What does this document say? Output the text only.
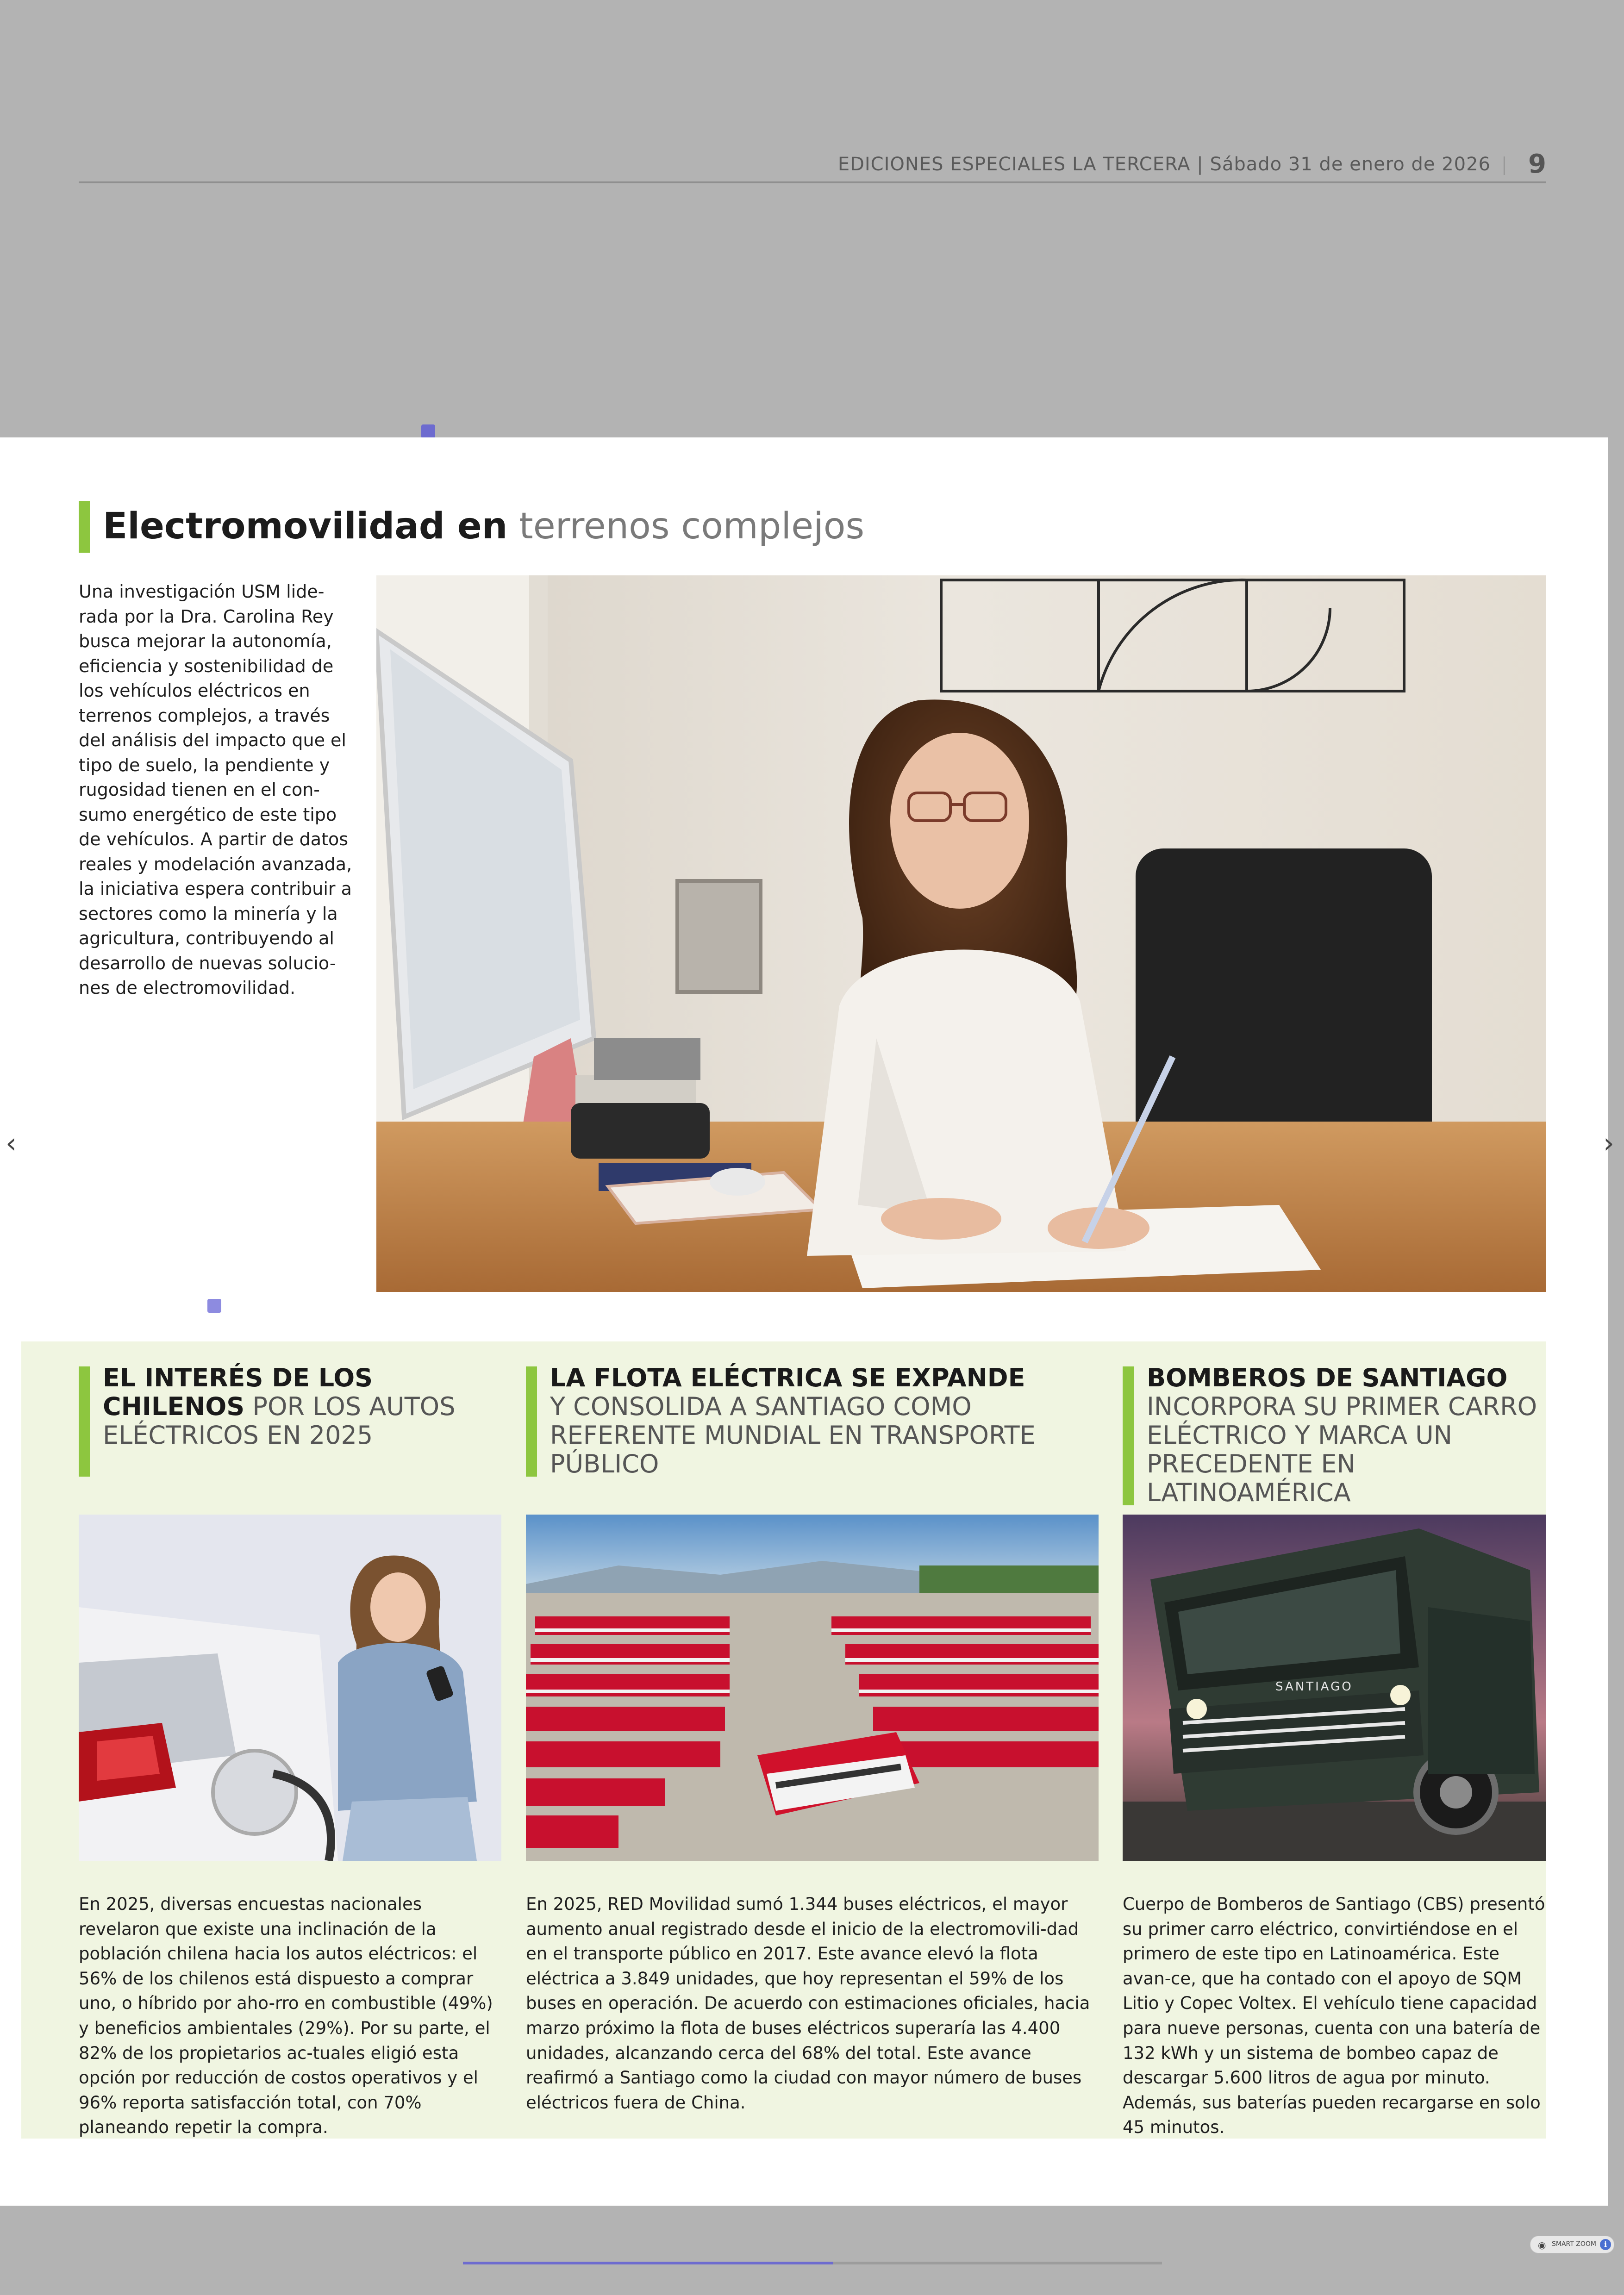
EDICIONES ESPECIALES LA TERCERA | Sábado 31 de enero de 2026 9
Electromovilidad en terrenos complejos
Una investigación USM lide-rada por la Dra. Carolina Rey busca mejorar la autonomía, eficiencia y sostenibilidad de los vehículos eléctricos en terrenos complejos, a través del análisis del impacto que el tipo de suelo, la pendiente y rugosidad tienen en el con-sumo energético de este tipo de vehículos. A partir de datos reales y modelación avanzada, la iniciativa espera contribuir a sectores como la minería y la agricultura, contribuyendo al desarrollo de nuevas solucio-nes de electromovilidad.
EL INTERÉS DE LOS CHILENOS POR LOS AUTOS ELÉCTRICOS EN 2025
En 2025, diversas encuestas nacionales revelaron que existe una inclinación de la población chilena hacia los autos eléctricos: el 56% de los chilenos está dispuesto a comprar uno, o híbrido por aho-rro en combustible (49%) y beneficios ambientales (29%). Por su parte, el 82% de los propietarios ac-tuales eligió esta opción por reducción de costos operativos y el 96% reporta satisfacción total, con 70% planeando repetir la compra.
LA FLOTA ELÉCTRICA SE EXPANDE
Y CONSOLIDA A SANTIAGO COMO REFERENTE MUNDIAL EN TRANSPORTE PÚBLICO
En 2025, RED Movilidad sumó 1.344 buses eléctricos, el mayor aumento anual registrado desde el inicio de la electromovili-dad en el transporte público en 2017. Este avance elevó la flota eléctrica a 3.849 unidades, que hoy representan el 59% de los buses en operación. De acuerdo con estimaciones oficiales, hacia marzo próximo la flota de buses eléctricos superaría las 4.400 unidades, alcanzando cerca del 68% del total. Este avance reafirmó a Santiago como la ciudad con mayor número de buses eléctricos fuera de China.
BOMBEROS DE SANTIAGO
INCORPORA SU PRIMER CARRO ELÉCTRICO Y MARCA UN PRECEDENTE EN LATINOAMÉRICA
SANTIAGO
Cuerpo de Bomberos de Santiago (CBS) presentó su primer carro eléctrico, convirtiéndose en el primero de este tipo en Latinoamérica. Este avan-ce, que ha contado con el apoyo de SQM Litio y Copec Voltex. El vehículo tiene capacidad para nueve personas, cuenta con una batería de 132 kWh y un sistema de bombeo capaz de descargar 5.600 litros de agua por minuto. Además, sus baterías pueden recargarse en solo 45 minutos.
‹	›
◉ SMART ZOOM	i
